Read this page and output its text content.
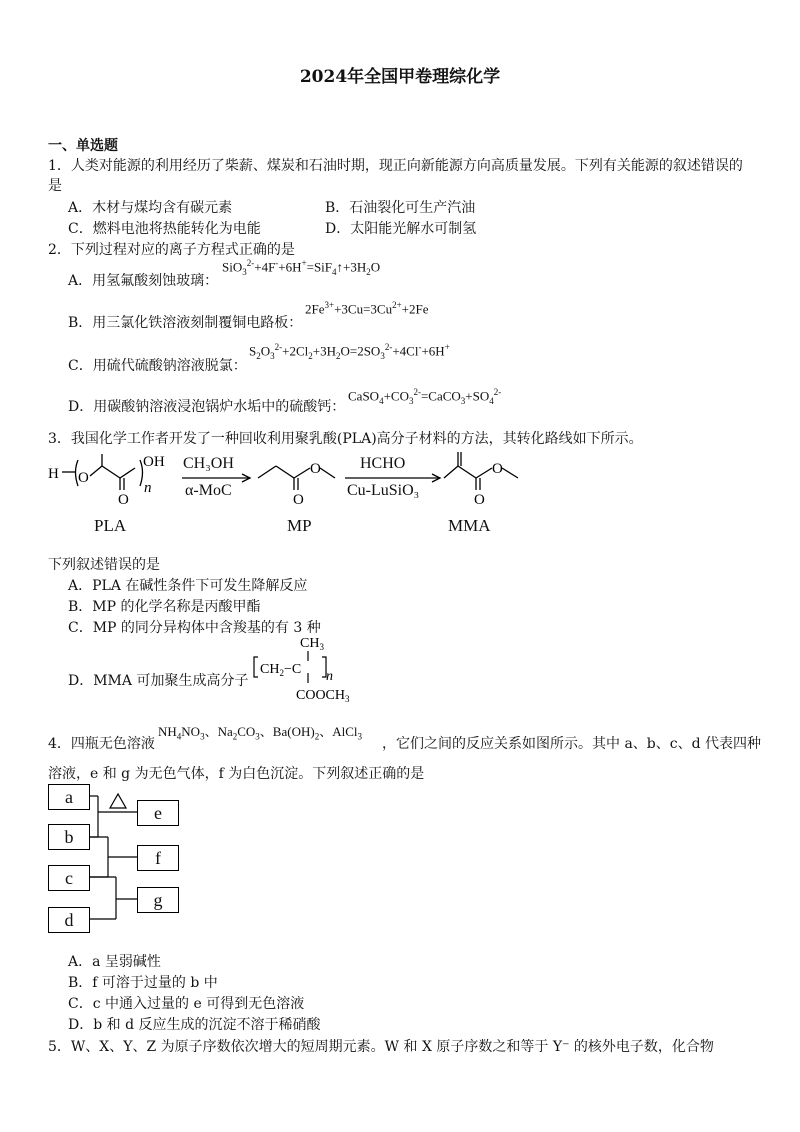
2024年全国甲卷理综化学
一、单选题
1．人类对能源的利用经历了柴薪、煤炭和石油时期，现正向新能源方向高质量发展。下列有关能源的叙述错误的
是
A．木材与煤均含有碳元素	B．石油裂化可生产汽油
C．燃料电池将热能转化为电能	D．太阳能光解水可制氢
2．下列过程对应的离子方程式正确的是
A．用氢氟酸刻蚀玻璃：
$SiO_3^{2-}+4F^-+6H^+=SiF_4↑+3H_2O$
B．用三氯化铁溶液刻制覆铜电路板：
$2Fe^{3+}+3Cu=3Cu^{2+}+2Fe$
C．用硫代硫酸钠溶液脱氯：
$S_2O_3^{2-}+2Cl_2+3H_2O=2SO_3^{2-}+4Cl^-+6H^+$
D．用碳酸钠溶液浸泡锅炉水垢中的硫酸钙：
$CaSO_4+CO_3^{2-}=CaCO_3+SO_4^{2-}$
3．我国化学工作者开发了一种回收利用聚乳酸(PLA)高分子材料的方法，其转化路线如下所示。
H O
O
OH
n
O
O
O
O
CH₃OH
α-MoC
HCHO
Cu-LuSiO₃
PLA	MP	MMA
下列叙述错误的是
A．PLA 在碱性条件下可发生降解反应
B．MP 的化学名称是丙酸甲酯
C．MP 的同分异构体中含羧基的有 3 种
D．MMA 可加聚生成高分子
$CH_3$
$CH_2-C$ n
$COOCH_3$
4．四瓶无色溶液
$NH_4NO_3$、$Na_2CO_3$、$Ba(OH)_2$、AlCl$_3$ ，它们之间的反应关系如图所示。其中 a、b、c、d 代表四种
溶液，e 和 g 为无色气体，f 为白色沉淀。下列叙述正确的是
a
b
c
d
e
f
g
A．a 呈弱碱性
B．f 可溶于过量的 b 中
C．c 中通入过量的 e 可得到无色溶液
D．b 和 d 反应生成的沉淀不溶于稀硝酸
5．W、X、Y、Z 为原子序数依次增大的短周期元素。W 和 X 原子序数之和等于 Y⁻ 的核外电子数，化合物
